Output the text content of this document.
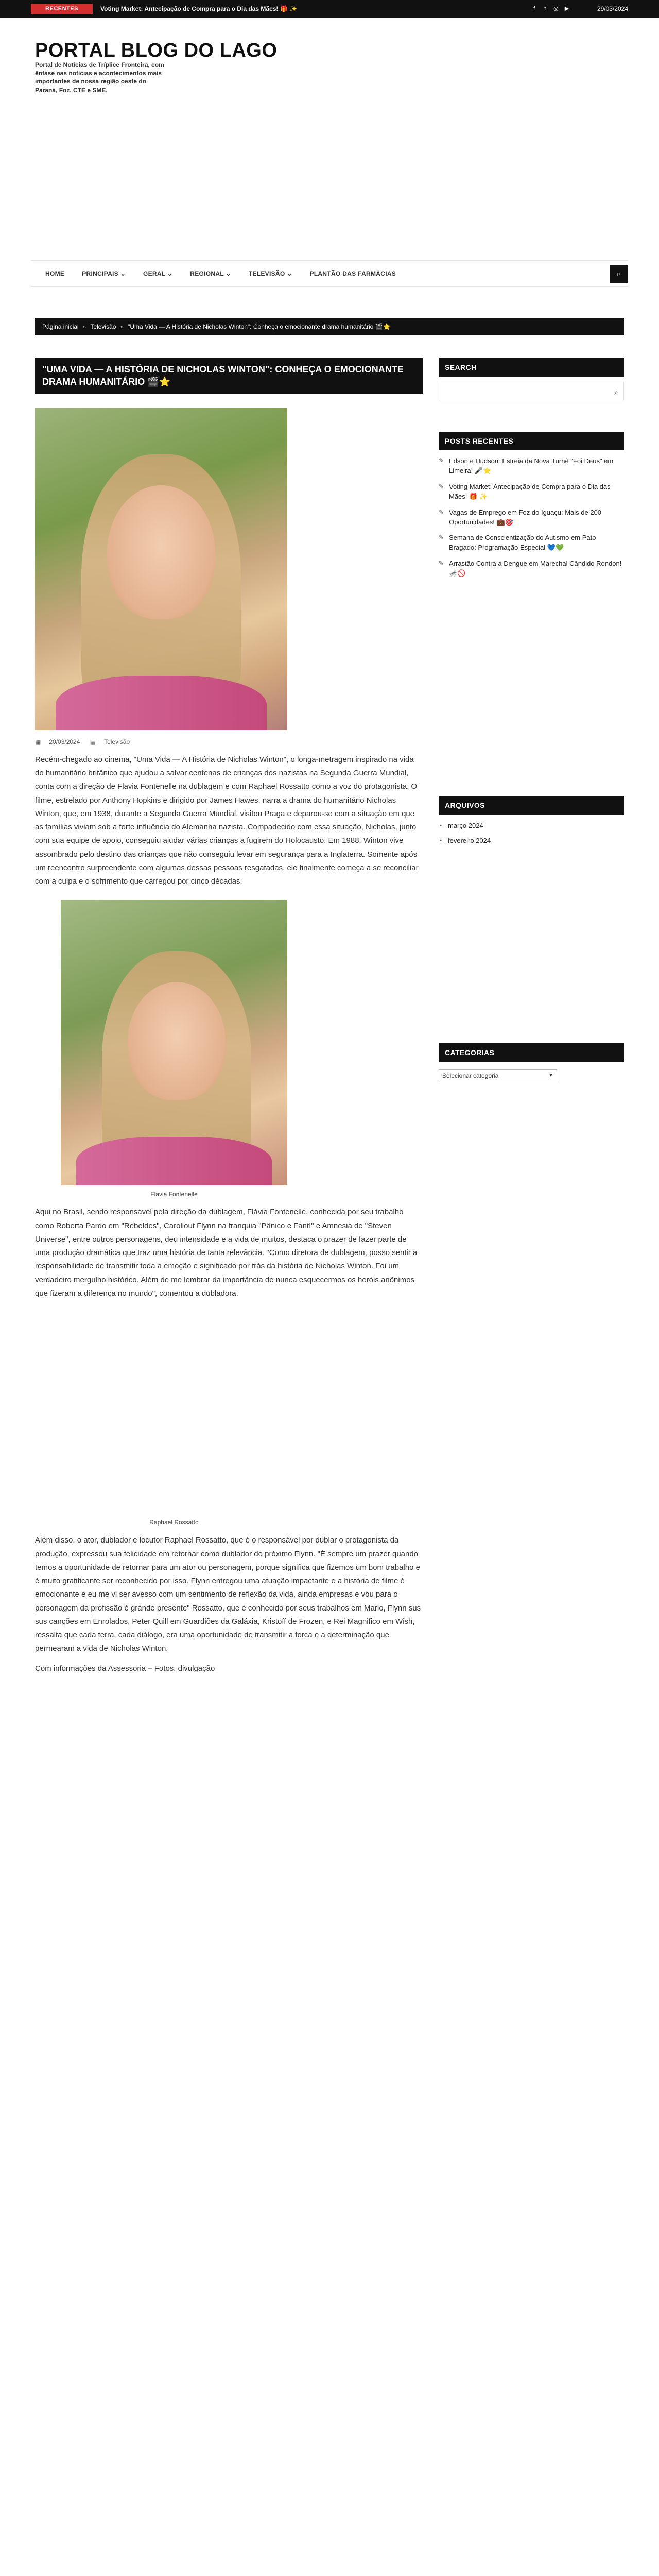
RECENTES	Voting Market: Antecipação de Compra para o Dia das Mães! 🎁 ✨	f t ◎ ▶	29/03/2024
PORTAL BLOG DO LAGO
Portal de Notícias de Tríplice Fronteira, com ênfase nas notícias e acontecimentos mais importantes de nossa região oeste do Paraná, Foz, CTE e SME.
HOME	PRINCIPAIS ⌄	GERAL ⌄	REGIONAL ⌄	TELEVISÃO ⌄	PLANTÃO DAS FARMÁCIAS	⌕
Página inicial » Televisão » "Uma Vida — A História de Nicholas Winton": Conheça o emocionante drama humanitário 🎬⭐
"UMA VIDA — A HISTÓRIA DE NICHOLAS WINTON": CONHEÇA O EMOCIONANTE DRAMA HUMANITÁRIO 🎬⭐
▦ 20/03/2024 ▤ Televisão

Recém-chegado ao cinema, "Uma Vida — A História de Nicholas Winton", o longa-metragem inspirado na vida do humanitário britânico que ajudou a salvar centenas de crianças dos nazistas na Segunda Guerra Mundial, conta com a direção de Flavia Fontenelle na dublagem e com Raphael Rossatto como a voz do protagonista. O filme, estrelado por Anthony Hopkins e dirigido por James Hawes, narra a drama do humanitário Nicholas Winton, que, em 1938, durante a Segunda Guerra Mundial, visitou Praga e deparou-se com a situação em que as famílias viviam sob a forte influência do Alemanha nazista. Compadecido com essa situação, Nicholas, junto com sua equipe de apoio, conseguiu ajudar várias crianças a fugirem do Holocausto. Em 1988, Winton vive assombrado pelo destino das crianças que não conseguiu levar em segurança para a Inglaterra. Somente após um reencontro surpreendente com algumas dessas pessoas resgatadas, ele finalmente começa a se reconciliar com a culpa e o sofrimento que carregou por cinco décadas.

Flavia Fontenelle

Aqui no Brasil, sendo responsável pela direção da dublagem, Flávia Fontenelle, conhecida por seu trabalho como Roberta Pardo em "Rebeldes", Caroliout Flynn na franquia "Pânico e Fantí" e Amnesia de "Steven Universe", entre outros personagens, deu intensidade e a vida de muitos, destaca o prazer de fazer parte de uma produção dramática que traz uma história de tanta relevância. "Como diretora de dublagem, posso sentir a responsabilidade de transmitir toda a emoção e significado por trás da história de Nicholas Winton. Foi um verdadeiro mergulho histórico. Além de me lembrar da importância de nunca esquecermos os heróis anônimos que fizeram a diferença no mundo", comentou a dubladora.

Raphael Rossatto

Além disso, o ator, dublador e locutor Raphael Rossatto, que é o responsável por dublar o protagonista da produção, expressou sua felicidade em retornar como dublador do próximo Flynn. "É sempre um prazer quando temos a oportunidade de retornar para um ator ou personagem, porque significa que fizemos um bom trabalho e é muito gratificante ser reconhecido por isso. Flynn entregou uma atuação impactante e a história de filme é emocionante e eu me vi ser avesso com um sentimento de reflexão da vida, ainda empresas e vou para o personagem da profissão é grande presente" Rossatto, que é conhecido por seus trabalhos em Mario, Flynn sus sus canções em Enrolados, Peter Quill em Guardiões da Galáxia, Kristoff de Frozen, e Rei Magnifico em Wish, ressalta que cada terra, cada diálogo, era uma oportunidade de transmitir a forca e a determinação que permearam a vida de Nicholas Winton.

Com informações da Assessoria – Fotos: divulgação

SEARCH
⌕
POSTS RECENTES
✎ Edson e Hudson: Estreia da Nova Turnê "Foi Deus" em Limeira! 🎤⭐
✎ Voting Market: Antecipação de Compra para o Dia das Mães! 🎁 ✨
✎ Vagas de Emprego em Foz do Iguaçu: Mais de 200 Oportunidades! 💼🎯
✎ Semana de Conscientização do Autismo em Patο Bragado: Programação Especial 💙💚
✎ Arrastão Contra a Dengue em Marechal Cândido Rondon! 🦟🚫
ARQUIVOS
▪ março 2024
▪ fevereiro 2024
CATEGORIAS
Selecionar categoria	▼
